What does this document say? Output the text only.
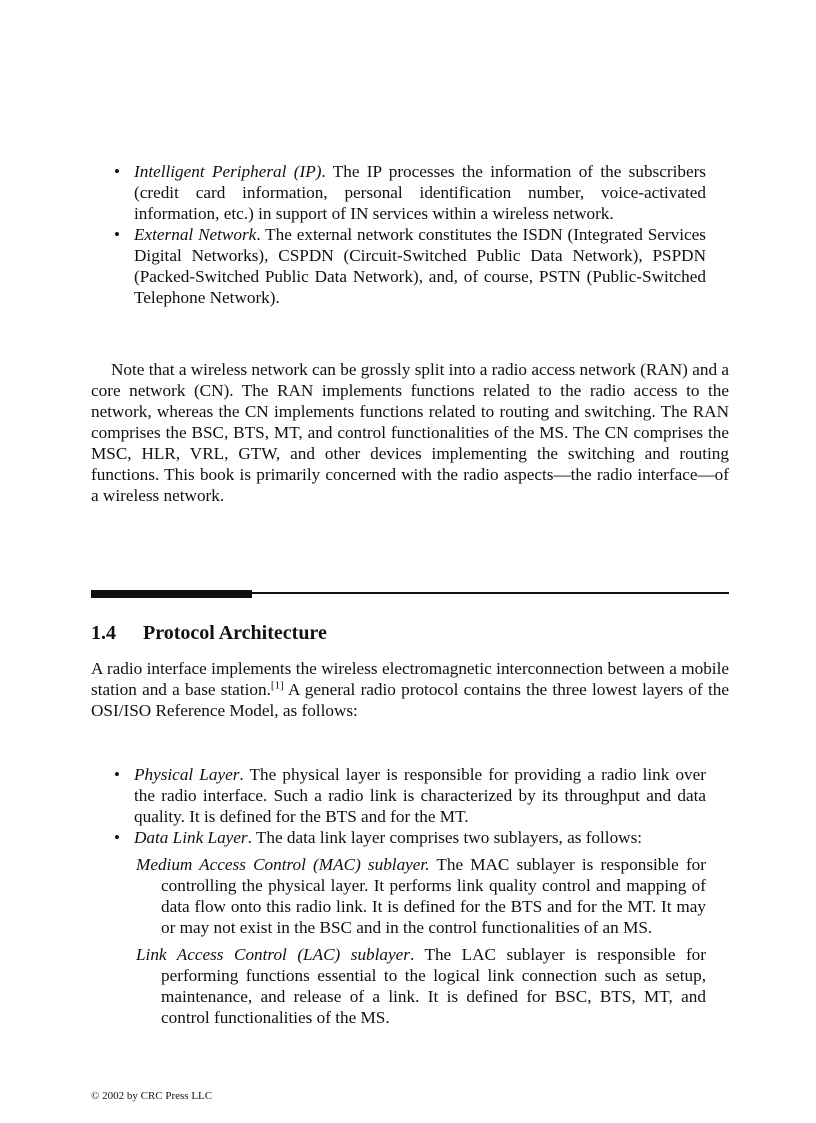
• Intelligent Peripheral (IP). The IP processes the information of the subscribers (credit card information, personal identification number, voice-activated information, etc.) in support of IN services within a wireless network.
• External Network. The external network constitutes the ISDN (Integrated Services Digital Networks), CSPDN (Circuit-Switched Public Data Network), PSPDN (Packed-Switched Public Data Network), and, of course, PSTN (Public-Switched Telephone Network).
Note that a wireless network can be grossly split into a radio access network (RAN) and a core network (CN). The RAN implements functions related to the radio access to the network, whereas the CN implements functions related to routing and switching. The RAN comprises the BSC, BTS, MT, and control functionalities of the MS. The CN comprises the MSC, HLR, VRL, GTW, and other devices implementing the switching and routing functions. This book is primarily concerned with the radio aspects—the radio interface—of a wireless network.
1.4 Protocol Architecture
A radio interface implements the wireless electromagnetic interconnection between a mobile station and a base station.[1] A general radio protocol contains the three lowest layers of the OSI/ISO Reference Model, as follows:
• Physical Layer. The physical layer is responsible for providing a radio link over the radio interface. Such a radio link is characterized by its throughput and data quality. It is defined for the BTS and for the MT.
• Data Link Layer. The data link layer comprises two sublayers, as follows:
Medium Access Control (MAC) sublayer. The MAC sublayer is responsible for controlling the physical layer. It performs link quality control and mapping of data flow onto this radio link. It is defined for the BTS and for the MT. It may or may not exist in the BSC and in the control functionalities of an MS.
Link Access Control (LAC) sublayer. The LAC sublayer is responsible for performing functions essential to the logical link connection such as setup, maintenance, and release of a link. It is defined for BSC, BTS, MT, and control functionalities of the MS.
© 2002 by CRC Press LLC
